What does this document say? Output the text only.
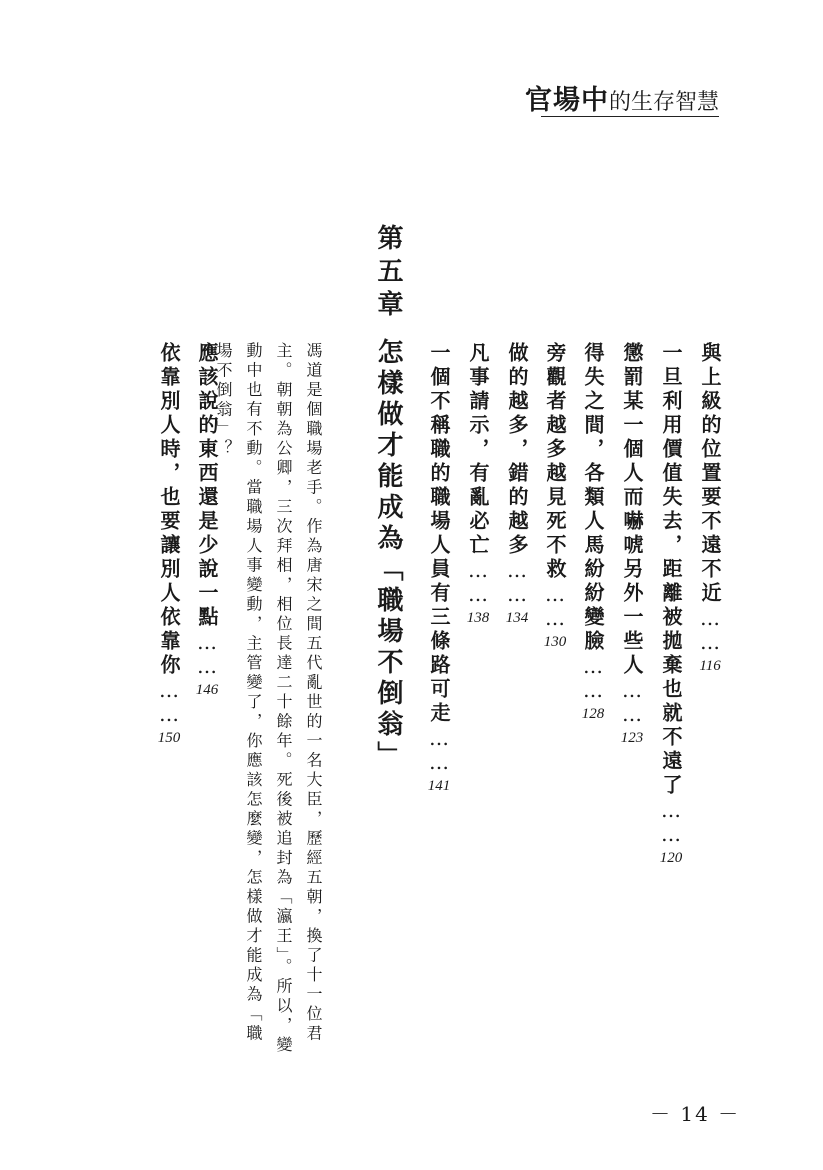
官場中 的生存智慧
第五章
怎樣做才能成為「職場不倒翁」	與上級的位置要不遠不近……116
一旦利用價值失去，距離被拋棄也就不遠了……120
懲罰某一個人而嚇唬另外一些人……123
得失之間，各類人馬紛紛變臉……128
旁觀者越多越見死不救……130
做的越多，錯的越多……134
凡事請示，有亂必亡……138
一個不稱職的職場人員有三條路可走……141
馮道是個職場老手。作為唐宋之間五代亂世的一名大臣，歷經五朝，換了十一位君主。朝朝為公卿，三次拜相，相位長達二十餘年。死後被追封為「瀛王」。所以，變動中也有不動。當職場人事變動，主管變了，你應該怎麼變，怎樣做才能成為「職場不倒翁」？
應該說的東西還是少說一點……146
依靠別人時，也要讓別人依靠你……150
－ 14 －
